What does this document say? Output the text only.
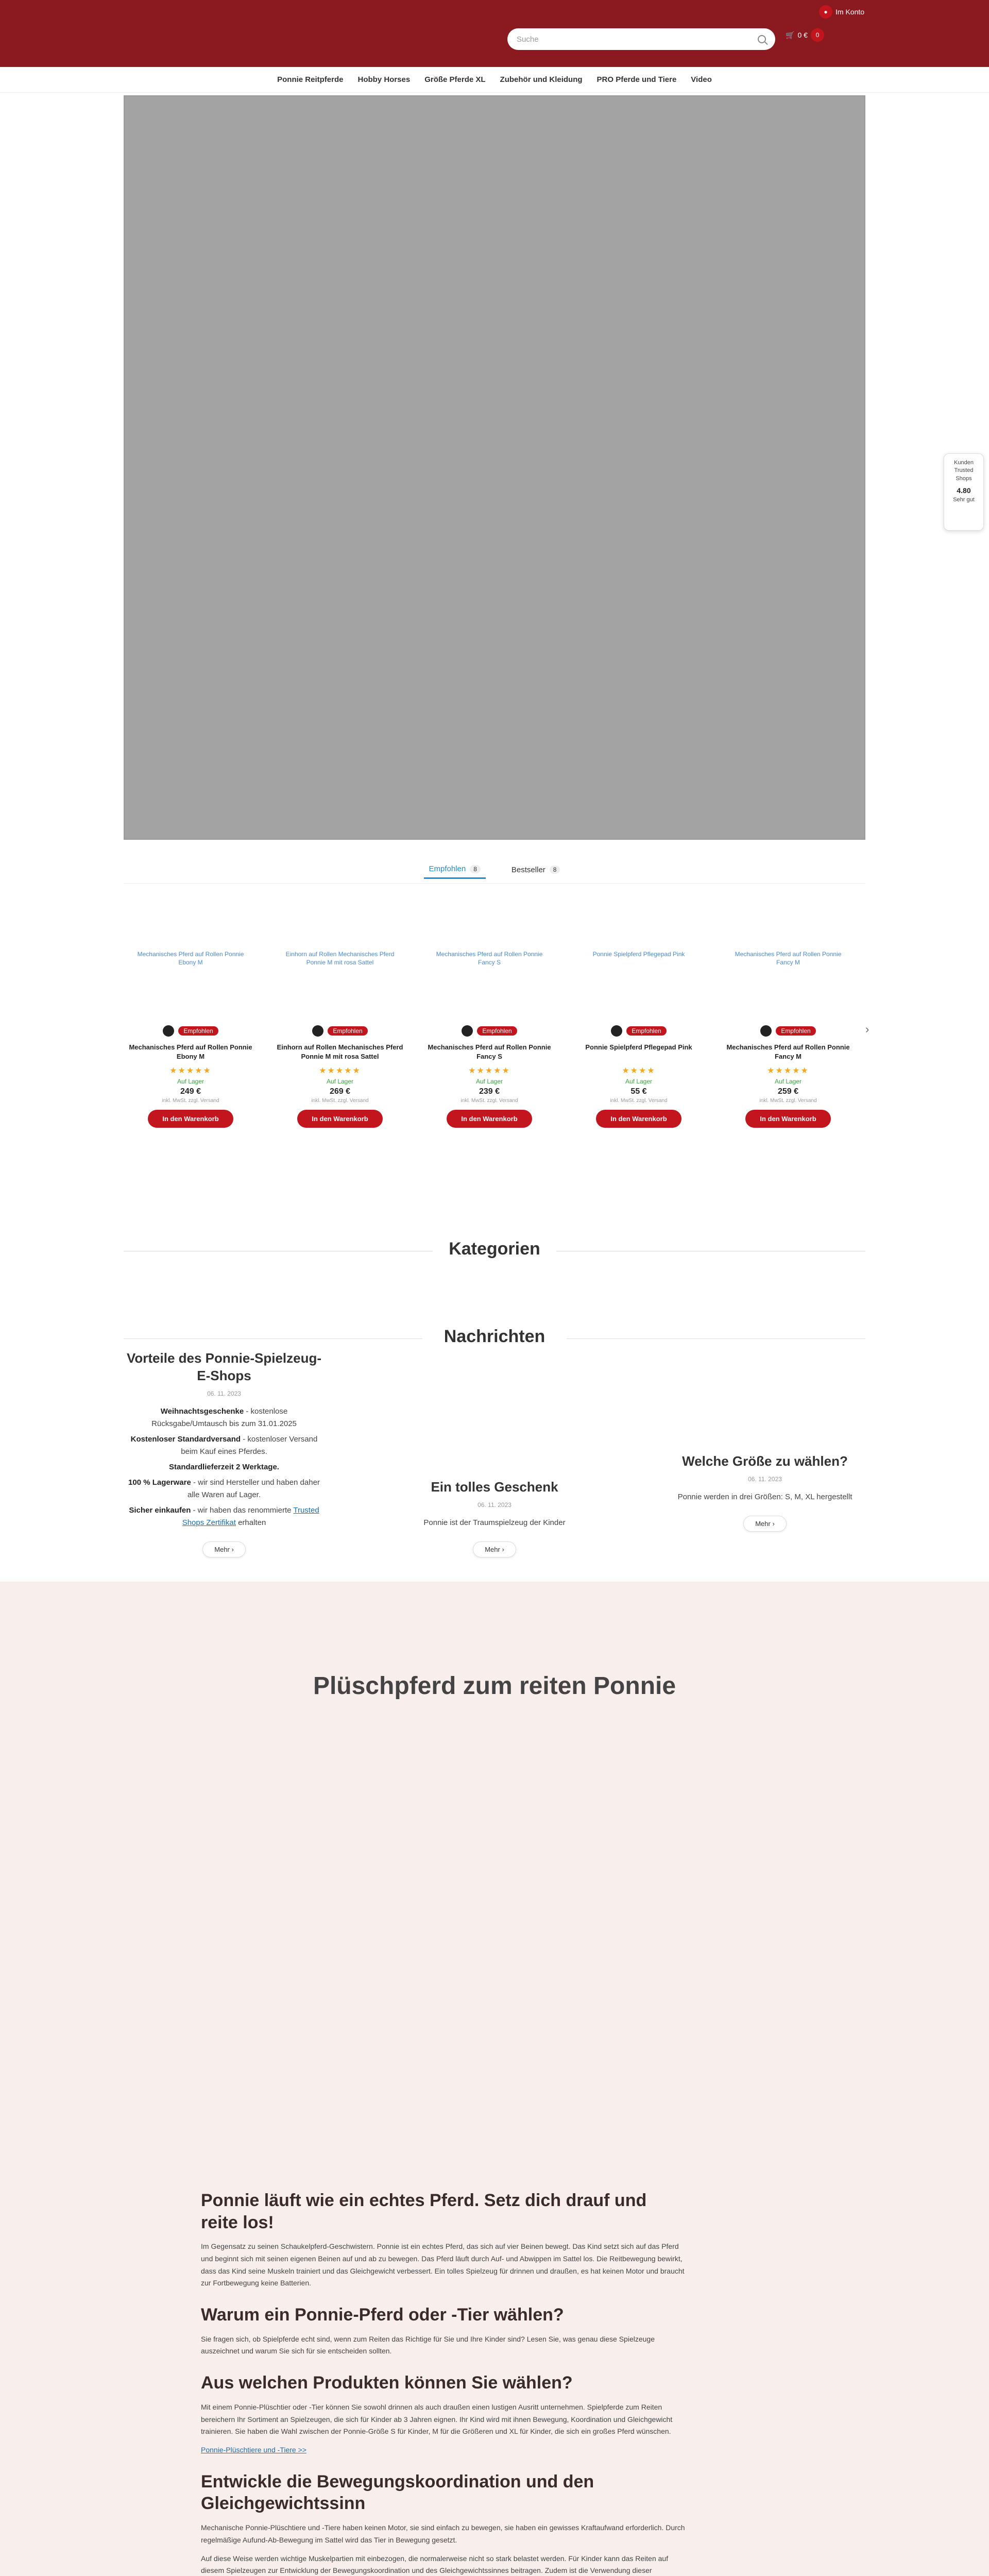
●	Im Konto
Suche	🛒 0 €	0
Ponnie Reitpferde Hobby Horses Größe Pferde XL Zubehör und Kleidung PRO Pferde und Tiere Video
Kunden
Trusted
Shops
4.80
Sehr gut
Empfohlen	8	Bestseller	8
Mechanisches Pferd auf Rollen Ponnie Ebony M
Empfohlen
Mechanisches Pferd auf Rollen Ponnie Ebony M
★★★★★
Auf Lager
249 €
inkl. MwSt. zzgl. Versand
In den Warenkorb
Einhorn auf Rollen Mechanisches Pferd Ponnie M mit rosa Sattel
Empfohlen
Einhorn auf Rollen Mechanisches Pferd Ponnie M mit rosa Sattel
★★★★★
Auf Lager
269 €
inkl. MwSt. zzgl. Versand
In den Warenkorb
Mechanisches Pferd auf Rollen Ponnie Fancy S
Empfohlen
Mechanisches Pferd auf Rollen Ponnie Fancy S
★★★★★
Auf Lager
239 €
inkl. MwSt. zzgl. Versand
In den Warenkorb
Ponnie Spielpferd Pflegepad Pink
Empfohlen
Ponnie Spielpferd Pflegepad Pink
★★★★
Auf Lager
55 €
inkl. MwSt. zzgl. Versand
In den Warenkorb
Mechanisches Pferd auf Rollen Ponnie Fancy M
Empfohlen
Mechanisches Pferd auf Rollen Ponnie Fancy M
★★★★★
Auf Lager
259 €
inkl. MwSt. zzgl. Versand
In den Warenkorb
›
Kategorien
Nachrichten
Vorteile des Ponnie-Spielzeug-E-Shops
06. 11. 2023
Weihnachtsgeschenke - kostenlose Rücksgabe/Umtausch bis zum 31.01.2025
Kostenloser Standardversand - kostenloser Versand beim Kauf eines Pferdes.
Standardlieferzeit 2 Werktage.
100 % Lagerware - wir sind Hersteller und haben daher alle Waren auf Lager.
Sicher einkaufen - wir haben das renommierte Trusted Shops Zertifikat erhalten
Mehr ›
Ein tolles Geschenk
06. 11. 2023
Ponnie ist der Traumspielzeug der Kinder
Mehr ›
Welche Größe zu wählen?
06. 11. 2023
Ponnie werden in drei Größen: S, M, XL hergestellt
Mehr ›
Plüschpferd zum reiten Ponnie
Ponnie läuft wie ein echtes Pferd. Setz dich drauf und reite los!

Im Gegensatz zu seinen Schaukelpferd-Geschwistern. Ponnie ist ein echtes Pferd, das sich auf vier Beinen bewegt. Das Kind setzt sich auf das Pferd und beginnt sich mit seinen eigenen Beinen auf und ab zu bewegen. Das Pferd läuft durch Auf- und Abwippen im Sattel los. Die Reitbewegung bewirkt, dass das Kind seine Muskeln trainiert und das Gleichgewicht verbessert. Ein tolles Spielzeug für drinnen und draußen, es hat keinen Motor und braucht zur Fortbewegung keine Batterien.

Warum ein Ponnie-Pferd oder -Tier wählen?

Sie fragen sich, ob Spielpferde echt sind, wenn zum Reiten das Richtige für Sie und Ihre Kinder sind? Lesen Sie, was genau diese Spielzeuge auszeichnet und warum Sie sich für sie entscheiden sollten.

Aus welchen Produkten können Sie wählen?

Mit einem Ponnie-Plüschtier oder -Tier können Sie sowohl drinnen als auch draußen einen lustigen Ausritt unternehmen. Spielpferde zum Reiten bereichern Ihr Sortiment an Spielzeugen, die sich für Kinder ab 3 Jahren eignen. Ihr Kind wird mit ihnen Bewegung, Koordination und Gleichgewicht trainieren. Sie haben die Wahl zwischen der Ponnie-Größe S für Kinder, M für die Größeren und XL für Kinder, die sich ein großes Pferd wünschen.

Ponnie-Plüschtiere und -Tiere >>

Entwickle die Bewegungskoordination und den Gleichgewichtssinn

Mechanische Ponnie-Plüschtiere und -Tiere haben keinen Motor, sie sind einfach zu bewegen, sie haben ein gewisses Kraftaufwand erforderlich. Durch regelmäßige Aufund-Ab-Bewegung im Sattel wird das Tier in Bewegung gesetzt.

Auf diese Weise werden wichtige Muskelpartien mit einbezogen, die normalerweise nicht so stark belastet werden. Für Kinder kann das Reiten auf diesem Spielzeugen zur Entwicklung der Bewegungskoordination und des Gleichgewichtssinnes beitragen. Zudem ist die Verwendung dieser
